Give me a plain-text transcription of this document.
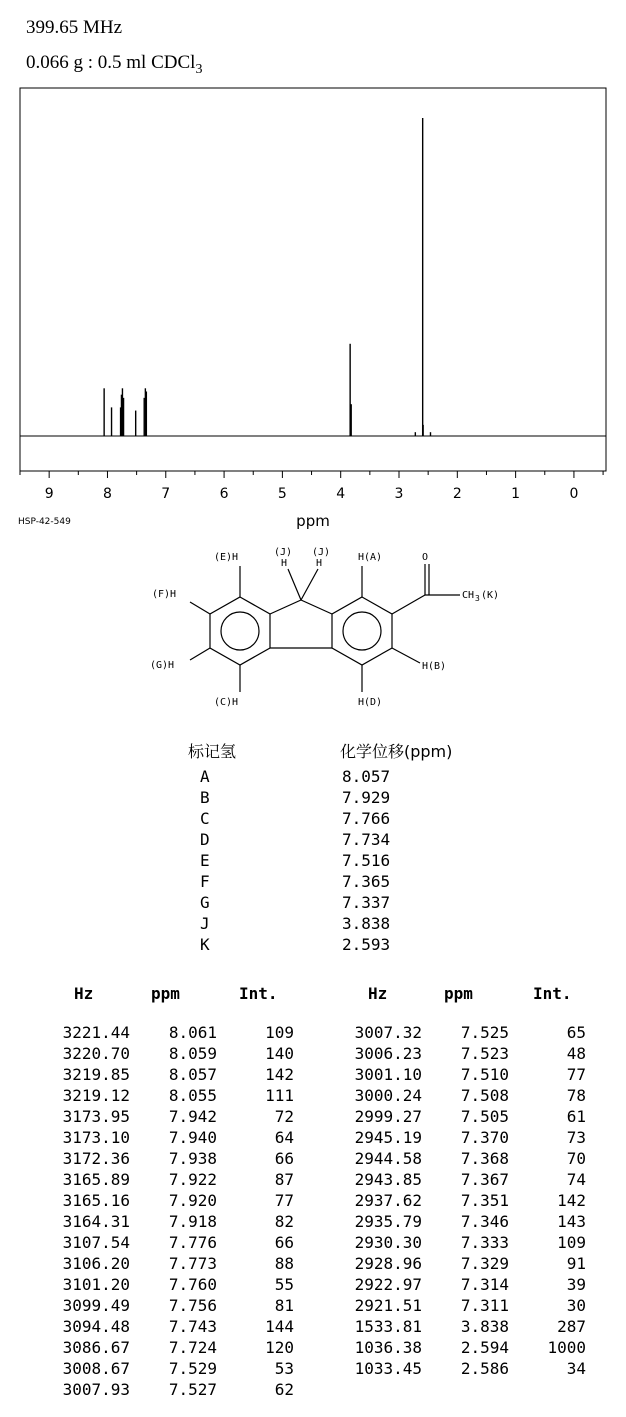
399.65 MHz
0.066 g : 0.5 ml CDCl$_3$
9	8	7	6	5	4	3	2	1	0
ppm
HSP-42-549
(E)H
(F)H
(G)H
(C)H
(J) (J)
H	H
H(A)
H(B)
H(D)
O
CH 3 (K)
标记氢	化学位移(ppm)
A	8.057
B	7.929
C	7.766
D	7.734
E	7.516
F	7.365
G	7.337
J	3.838
K	2.593
Hz	ppm	Int.	Hz	ppm	Int.
3221.44 8.061	109
3220.70 8.059	140
3219.85 8.057	142
3219.12 8.055	111
3173.95 7.942	72
3173.10 7.940	64
3172.36 7.938	66
3165.89 7.922	87
3165.16 7.920	77
3164.31 7.918	82
3107.54 7.776	66
3106.20 7.773	88
3101.20 7.760	55
3099.49 7.756	81
3094.48 7.743	144
3086.67 7.724	120
3008.67 7.529	53
3007.93 7.527	62
3007.32 7.525	65
3006.23 7.523	48
3001.10 7.510	77
3000.24 7.508	78
2999.27 7.505	61
2945.19 7.370	73
2944.58 7.368	70
2943.85 7.367	74
2937.62 7.351	142
2935.79 7.346	143
2930.30 7.333	109
2928.96 7.329	91
2922.97 7.314	39
2921.51 7.311	30
1533.81 3.838	287
1036.38 2.594 1000
1033.45 2.586	34
